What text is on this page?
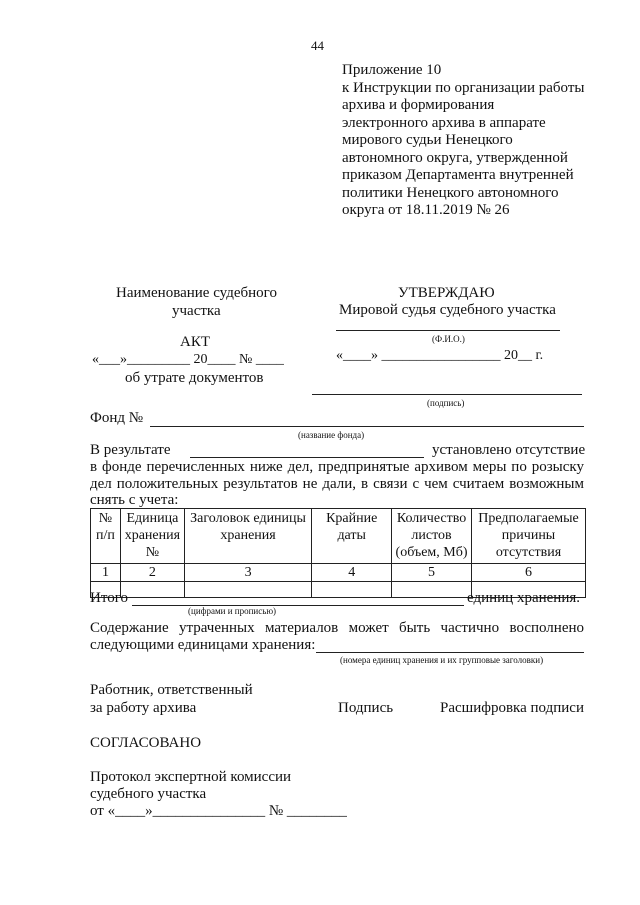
44
Приложение 10
к Инструкции по организации работы
архива и формирования
электронного архива в аппарате
мирового судьи Ненецкого
автономного округа, утвержденной
приказом Департамента внутренней
политики Ненецкого автономного
округа от 18.11.2019 № 26
Наименование судебного
участка
АКТ
«___»_________ 20____ № ____
об утрате документов
УТВЕРЖДАЮ
Мировой судья судебного участка
(Ф.И.О.)
«____» _________________ 20__ г.
(подпись)
Фонд №
(название фонда)
В результате	установлено отсутствие
в фонде перечисленных ниже дел, предпринятые архивом меры по розыску
дел положительных результатов не дали, в связи с чем считаем возможным
снять с учета:
№ п/п	Единица хранения №	Заголовок единицы хранения	Крайние даты	Количество листов (объем, Мб)	Предполагаемые причины отсутствия
1	2	3	4	5	6

Итого	единиц хранения.
(цифрами и прописью)
Содержание утраченных материалов может быть частично восполнено
следующими единицами хранения:
(номера единиц хранения и их групповые заголовки)
Работник, ответственный
за работу архива	Подпись	Расшифровка подписи
СОГЛАСОВАНО
Протокол экспертной комиссии
судебного участка
от «____»_______________ № ________
